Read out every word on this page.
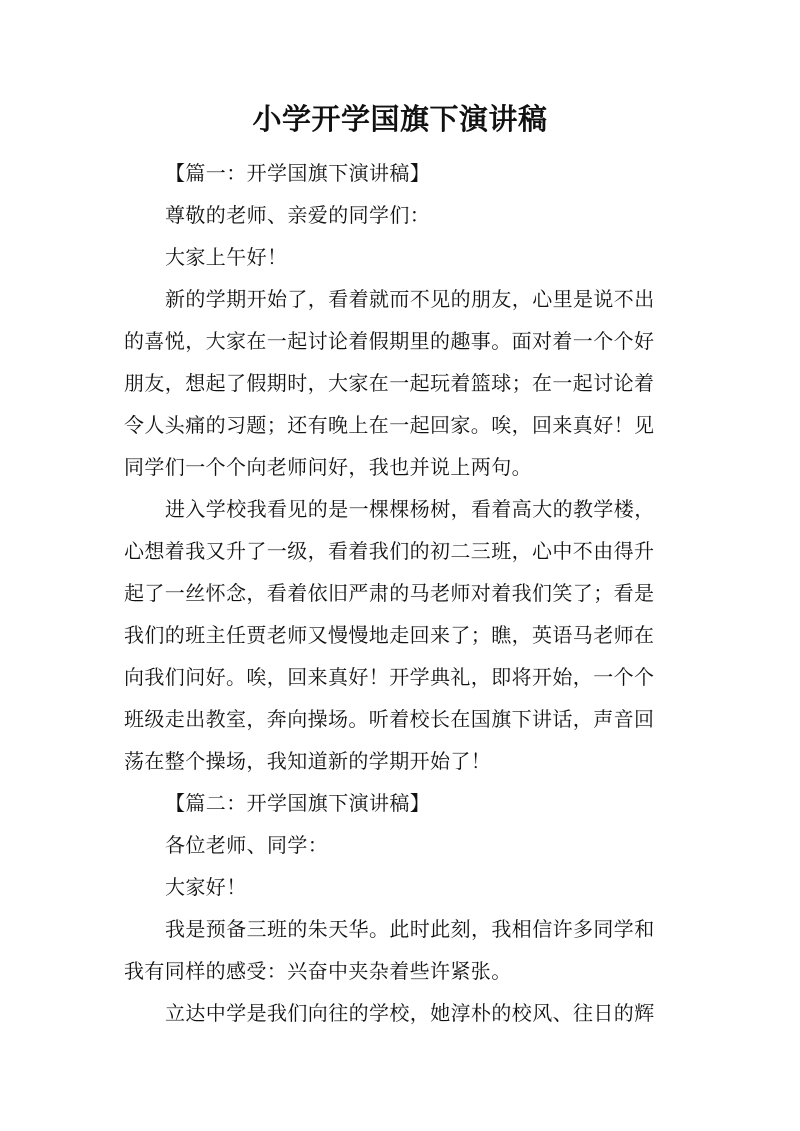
小学开学国旗下演讲稿
【篇一：开学国旗下演讲稿】
尊敬的老师、亲爱的同学们：
大家上午好！
新的学期开始了，看着就而不见的朋友，心里是说不出
的喜悦，大家在一起讨论着假期里的趣事。面对着一个个好
朋友，想起了假期时，大家在一起玩着篮球；在一起讨论着
令人头痛的习题；还有晚上在一起回家。唉，回来真好！见
同学们一个个向老师问好，我也并说上两句。
进入学校我看见的是一棵棵杨树，看着高大的教学楼，
心想着我又升了一级，看着我们的初二三班，心中不由得升
起了一丝怀念，看着依旧严肃的马老师对着我们笑了；看是
我们的班主任贾老师又慢慢地走回来了；瞧，英语马老师在
向我们问好。唉，回来真好！开学典礼，即将开始，一个个
班级走出教室，奔向操场。听着校长在国旗下讲话，声音回
荡在整个操场，我知道新的学期开始了！
【篇二：开学国旗下演讲稿】
各位老师、同学：
大家好！
我是预备三班的朱天华。此时此刻，我相信许多同学和
我有同样的感受：兴奋中夹杂着些许紧张。
立达中学是我们向往的学校，她淳朴的校风、往日的辉
